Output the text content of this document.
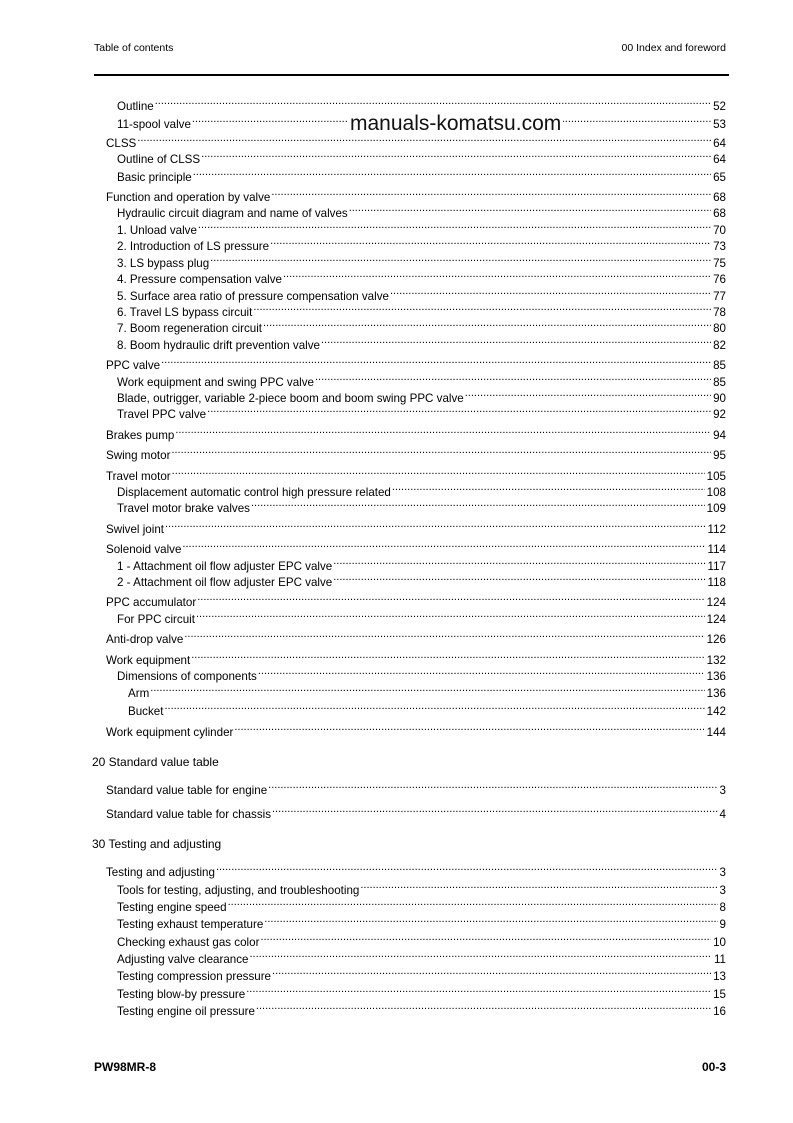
Table of contents	00 Index and foreword
Outline .....	52
11-spool valve .....	53
CLSS .....	64
Outline of CLSS .....	64
Basic principle .....	65
Function and operation by valve .....	68
Hydraulic circuit diagram and name of valves .....	68
1. Unload valve .....	70
2. Introduction of LS pressure .....	73
3. LS bypass plug .....	75
4. Pressure compensation valve .....	76
5. Surface area ratio of pressure compensation valve .....	77
6. Travel LS bypass circuit .....	78
7. Boom regeneration circuit .....	80
8. Boom hydraulic drift prevention valve .....	82
PPC valve .....	85
Work equipment and swing PPC valve .....	85
Blade, outrigger, variable 2-piece boom and boom swing PPC valve .....	90
Travel PPC valve .....	92
Brakes pump .....	94
Swing motor .....	95
Travel motor .....	105
Displacement automatic control high pressure related .....	108
Travel motor brake valves .....	109
Swivel joint .....	112
Solenoid valve .....	114
1 - Attachment oil flow adjuster EPC valve .....	117
2 - Attachment oil flow adjuster EPC valve .....	118
PPC accumulator .....	124
For PPC circuit .....	124
Anti-drop valve .....	126
Work equipment .....	132
Dimensions of components .....	136
Arm .....	136
Bucket .....	142
Work equipment cylinder .....	144
20 Standard value table
Standard value table for engine .....	3
Standard value table for chassis .....	4
30 Testing and adjusting
Testing and adjusting .....	3
Tools for testing, adjusting, and troubleshooting .....	3
Testing engine speed .....	8
Testing exhaust temperature .....	9
Checking exhaust gas color .....	10
Adjusting valve clearance .....	11
Testing compression pressure .....	13
Testing blow-by pressure .....	15
Testing engine oil pressure .....	16
manuals-komatsu.com
PW98MR-8	00-3
